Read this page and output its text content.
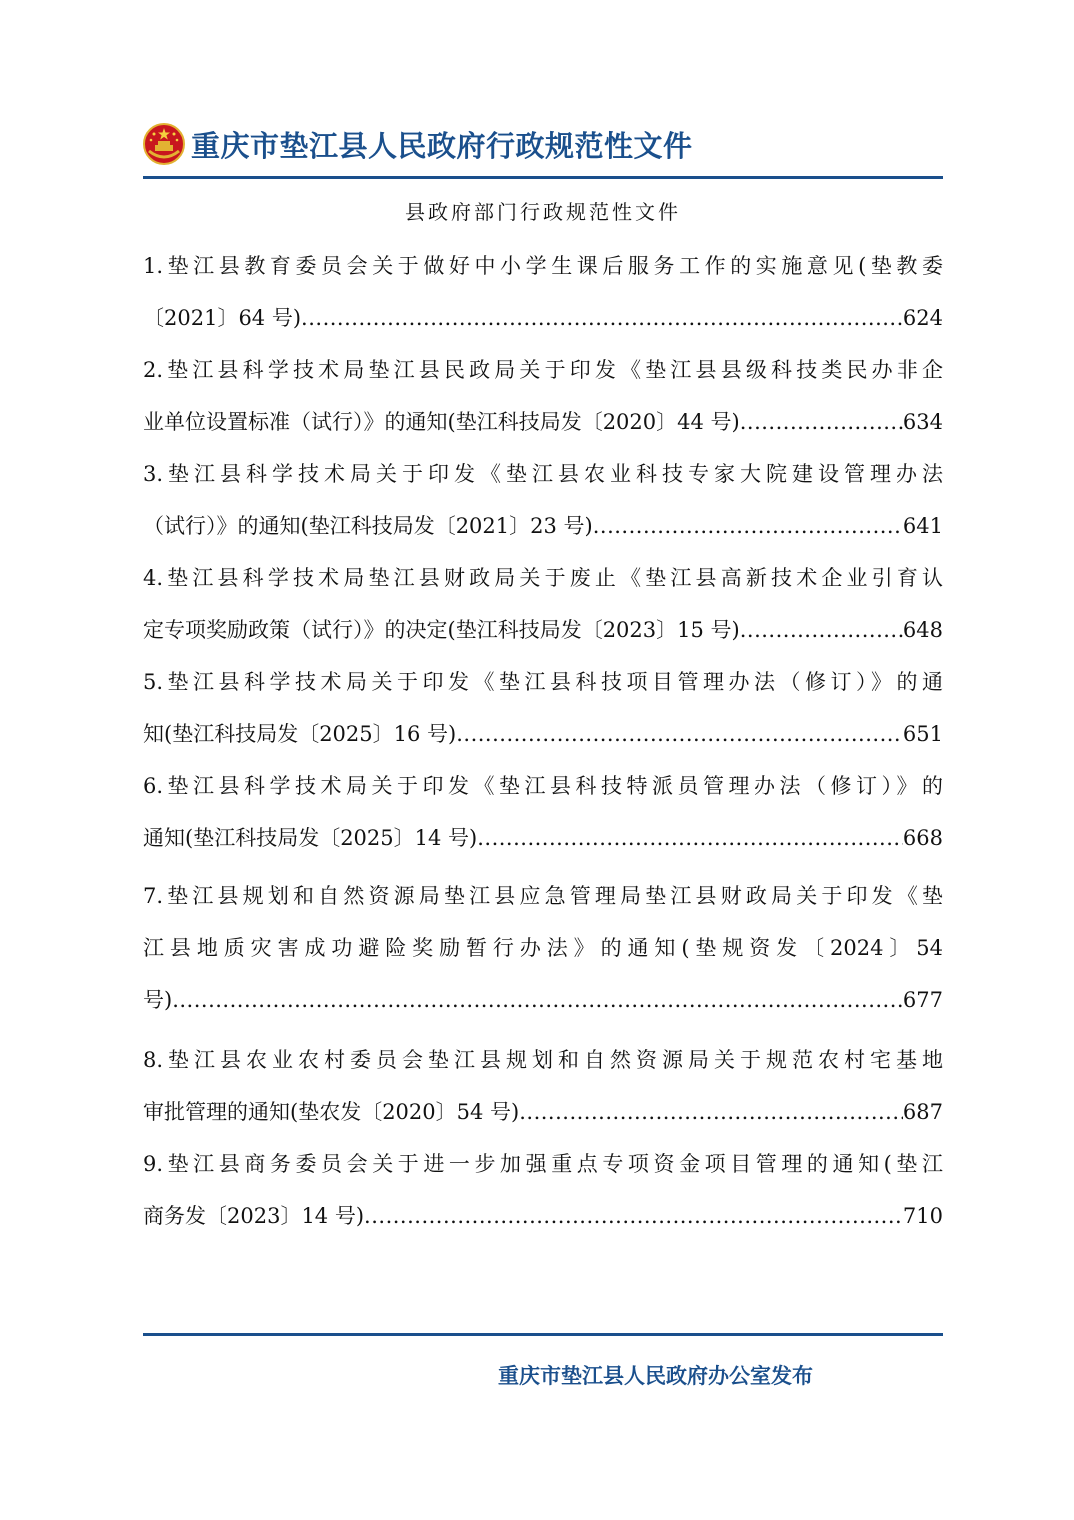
重庆市垫江县人民政府行政规范性文件
县政府部门行政规范性文件
1.垫江县教育委员会关于做好中小学生课后服务工作的实施意见(垫教委
〔2021〕64 号) .....	624
2.垫江县科学技术局垫江县民政局关于印发《垫江县县级科技类民办非企
业单位设置标准（试行）》的通知(垫江科技局发〔2020〕44 号) .....	634
3.垫江县科学技术局关于印发《垫江县农业科技专家大院建设管理办法
（试行）》的通知(垫江科技局发〔2021〕23 号) .....	641
4.垫江县科学技术局垫江县财政局关于废止《垫江县高新技术企业引育认
定专项奖励政策（试行）》的决定(垫江科技局发〔2023〕15 号) .....	648
5.垫江县科学技术局关于印发《垫江县科技项目管理办法（修订）》的通
知(垫江科技局发〔2025〕16 号) .....	651
6.垫江县科学技术局关于印发《垫江县科技特派员管理办法（修订）》的
通知(垫江科技局发〔2025〕14 号) .....	668
7.垫江县规划和自然资源局垫江县应急管理局垫江县财政局关于印发《垫
江县地质灾害成功避险奖励暂行办法》的通知(垫规资发〔2024〕54
号) .....	677
8.垫江县农业农村委员会垫江县规划和自然资源局关于规范农村宅基地
审批管理的通知(垫农发〔2020〕54 号) .....	687
9.垫江县商务委员会关于进一步加强重点专项资金项目管理的通知(垫江
商务发〔2023〕14 号) .....	710
重庆市垫江县人民政府办公室发布
